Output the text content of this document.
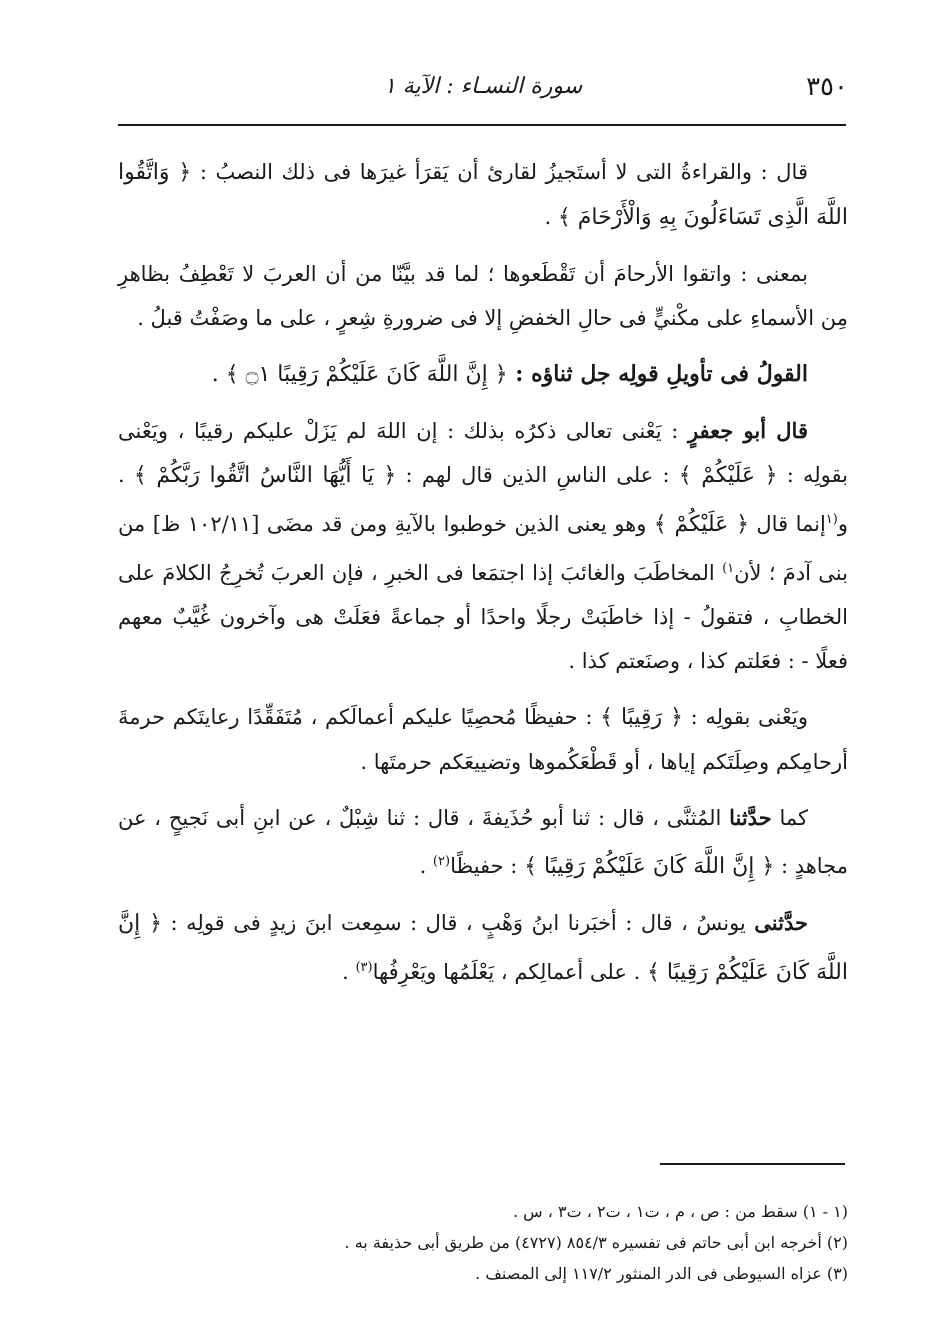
٣٥٠
سورة النسـاء : الآية ١

قال : والقراءةُ التى لا أستَجيزُ لقارئ أن يَقرَأ غيرَها فى ذلك النصبُ : ﴿ وَاتَّقُوا اللَّهَ الَّذِى تَسَاءَلُونَ بِهِ وَالْأَرْحَامَ ﴾ .

بمعنى : واتقوا الأرحامَ أن تَقْطَعوها ؛ لما قد بيَّنّا من أن العربَ لا تَعْطِفُ بظاهرِ مِن الأسماءِ على مكْنيٍّ فى حالِ الخفضِ إلا فى ضرورةِ شِعرٍ ، على ما وصَفْتُ قبلُ .

القولُ فى تأويلِ قولِه جل ثناؤه : ﴿ إِنَّ اللَّهَ كَانَ عَلَيْكُمْ رَقِيبًا ۝١ ﴾ .

قال أبو جعفرٍ : يَعْنى تعالى ذكرُه بذلك : إن اللهَ لم يَزَلْ عليكم رقيبًا ، ويَعْنى بقولِه : ﴿ عَلَيْكُمْ ﴾ : على الناسِ الذين قال لهم : ﴿ يَا أَيُّهَا النَّاسُ اتَّقُوا رَبَّكُمْ ﴾ . و$^{(١}$إنما قال ﴿ عَلَيْكُمْ ﴾ وهو يعنى الذين خوطبوا بالآيةِ ومن قد مضَى [١٠٢/١١ ظ] من بنى آدمَ ؛ لأن$^{١)}$ المخاطَبَ والغائبَ إذا اجتمَعا فى الخبرِ ، فإن العربَ تُخرِجُ الكلامَ على الخطابِ ، فتقولُ - إذا خاطَبَتْ رجلًا واحدًا أو جماعةً فعَلَتْ هى وآخرون غُيَّبٌ معهم فعلًا - : فعَلتم كذا ، وصنَعتم كذا .

ويَعْنى بقولِه : ﴿ رَقِيبًا ﴾ : حفيظًا مُحصِيًا عليكم أعمالَكم ، مُتَفَقِّدًا رعايتَكم حرمةَ أرحامِكم وصِلَتَكم إياها ، أو قَطْعَكُموها وتضييعَكم حرمتَها .

كما حدَّثنا المُثنَّى ، قال : ثنا أبو حُذَيفةَ ، قال : ثنا شِبْلٌ ، عن ابنِ أبى نَجيحٍ ، عن مجاهدٍ : ﴿ إِنَّ اللَّهَ كَانَ عَلَيْكُمْ رَقِيبًا ﴾ : حفيظًا$^{(٢)}$ .

حدَّثنى يونسُ ، قال : أخبَرنا ابنُ وَهْبٍ ، قال : سمِعت ابنَ زيدٍ فى قولِه : ﴿ إِنَّ اللَّهَ كَانَ عَلَيْكُمْ رَقِيبًا ﴾ . على أعمالِكم ، يَعْلَمُها ويَعْرِفُها$^{(٣)}$ .

(١ - ١) سقط من : ص ، م ، ت١ ، ت٢ ، ت٣ ، س .

(٢) أخرجه ابن أبى حاتم فى تفسيره ٨٥٤/٣ (٤٧٢٧) من طريق أبى حذيفة به .

(٣) عزاه السيوطى فى الدر المنثور ١١٧/٢ إلى المصنف .
